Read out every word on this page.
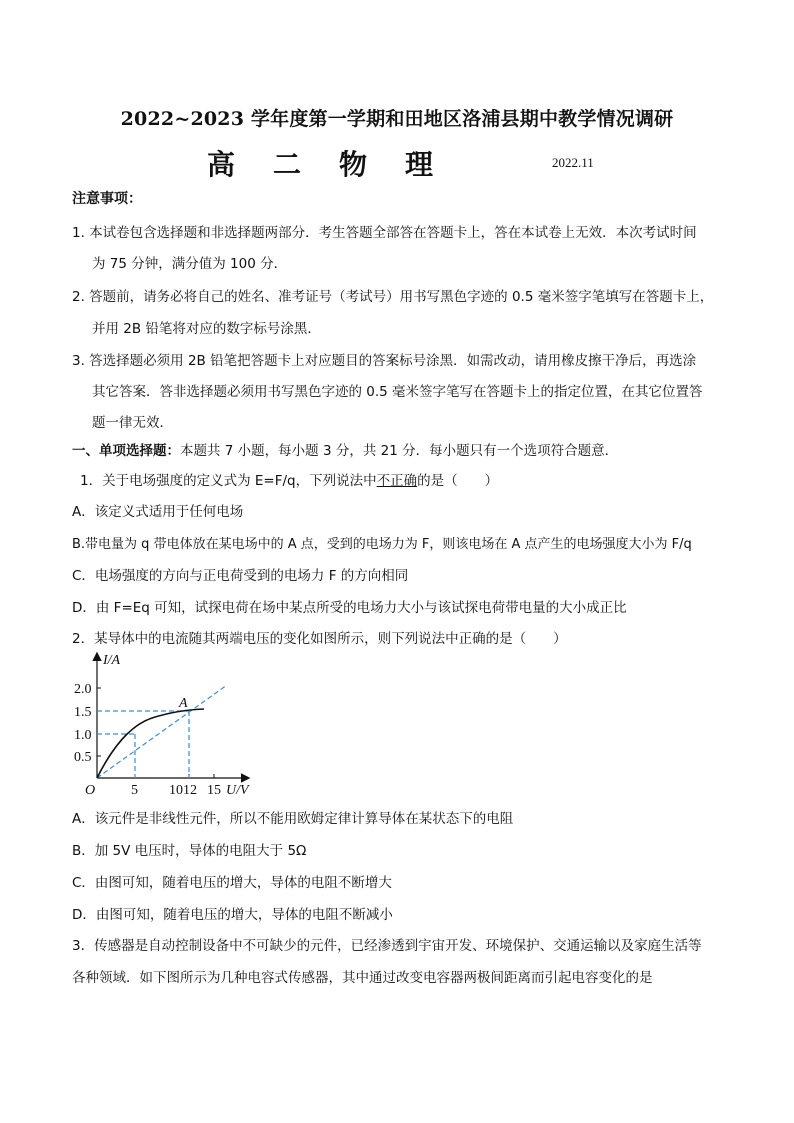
2022~2023 学年度第一学期和田地区洛浦县期中教学情况调研
高 二 物 理	2022.11
注意事项：
1. 本试卷包含选择题和非选择题两部分．考生答题全部答在答题卡上，答在本试卷上无效．本次考试时间
为 75 分钟，满分值为 100 分．
2. 答题前，请务必将自己的姓名、准考证号（考试号）用书写黑色字迹的 0.5 毫米签字笔填写在答题卡上，
并用 2B 铅笔将对应的数字标号涂黑．
3. 答选择题必须用 2B 铅笔把答题卡上对应题目的答案标号涂黑．如需改动，请用橡皮擦干净后，再选涂
其它答案．答非选择题必须用书写黑色字迹的 0.5 毫米签字笔写在答题卡上的指定位置，在其它位置答
题一律无效．
一、单项选择题：本题共 7 小题，每小题 3 分，共 21 分．每小题只有一个选项符合题意．
1．关于电场强度的定义式为 E=F/q，下列说法中不正确的是（　　）
A．该定义式适用于任何电场
B.带电量为 q 带电体放在某电场中的 A 点，受到的电场力为 F，则该电场在 A 点产生的电场强度大小为 F/q
C．电场强度的方向与正电荷受到的电场力 F 的方向相同
D．由 F=Eq 可知，试探电荷在场中某点所受的电场力大小与该试探电荷带电量的大小成正比
2．某导体中的电流随其两端电压的变化如图所示，则下列说法中正确的是（　　）
I/A
2.0
1.5
1.0
0.5
O	5 1012 15 U/V
A
A．该元件是非线性元件，所以不能用欧姆定律计算导体在某状态下的电阻
B．加 5V 电压时，导体的电阻大于 5Ω
C．由图可知，随着电压的增大，导体的电阻不断增大
D．由图可知，随着电压的增大，导体的电阻不断减小
3．传感器是自动控制设备中不可缺少的元件，已经渗透到宇宙开发、环境保护、交通运输以及家庭生活等
各种领域．如下图所示为几种电容式传感器，其中通过改变电容器两极间距离而引起电容变化的是
